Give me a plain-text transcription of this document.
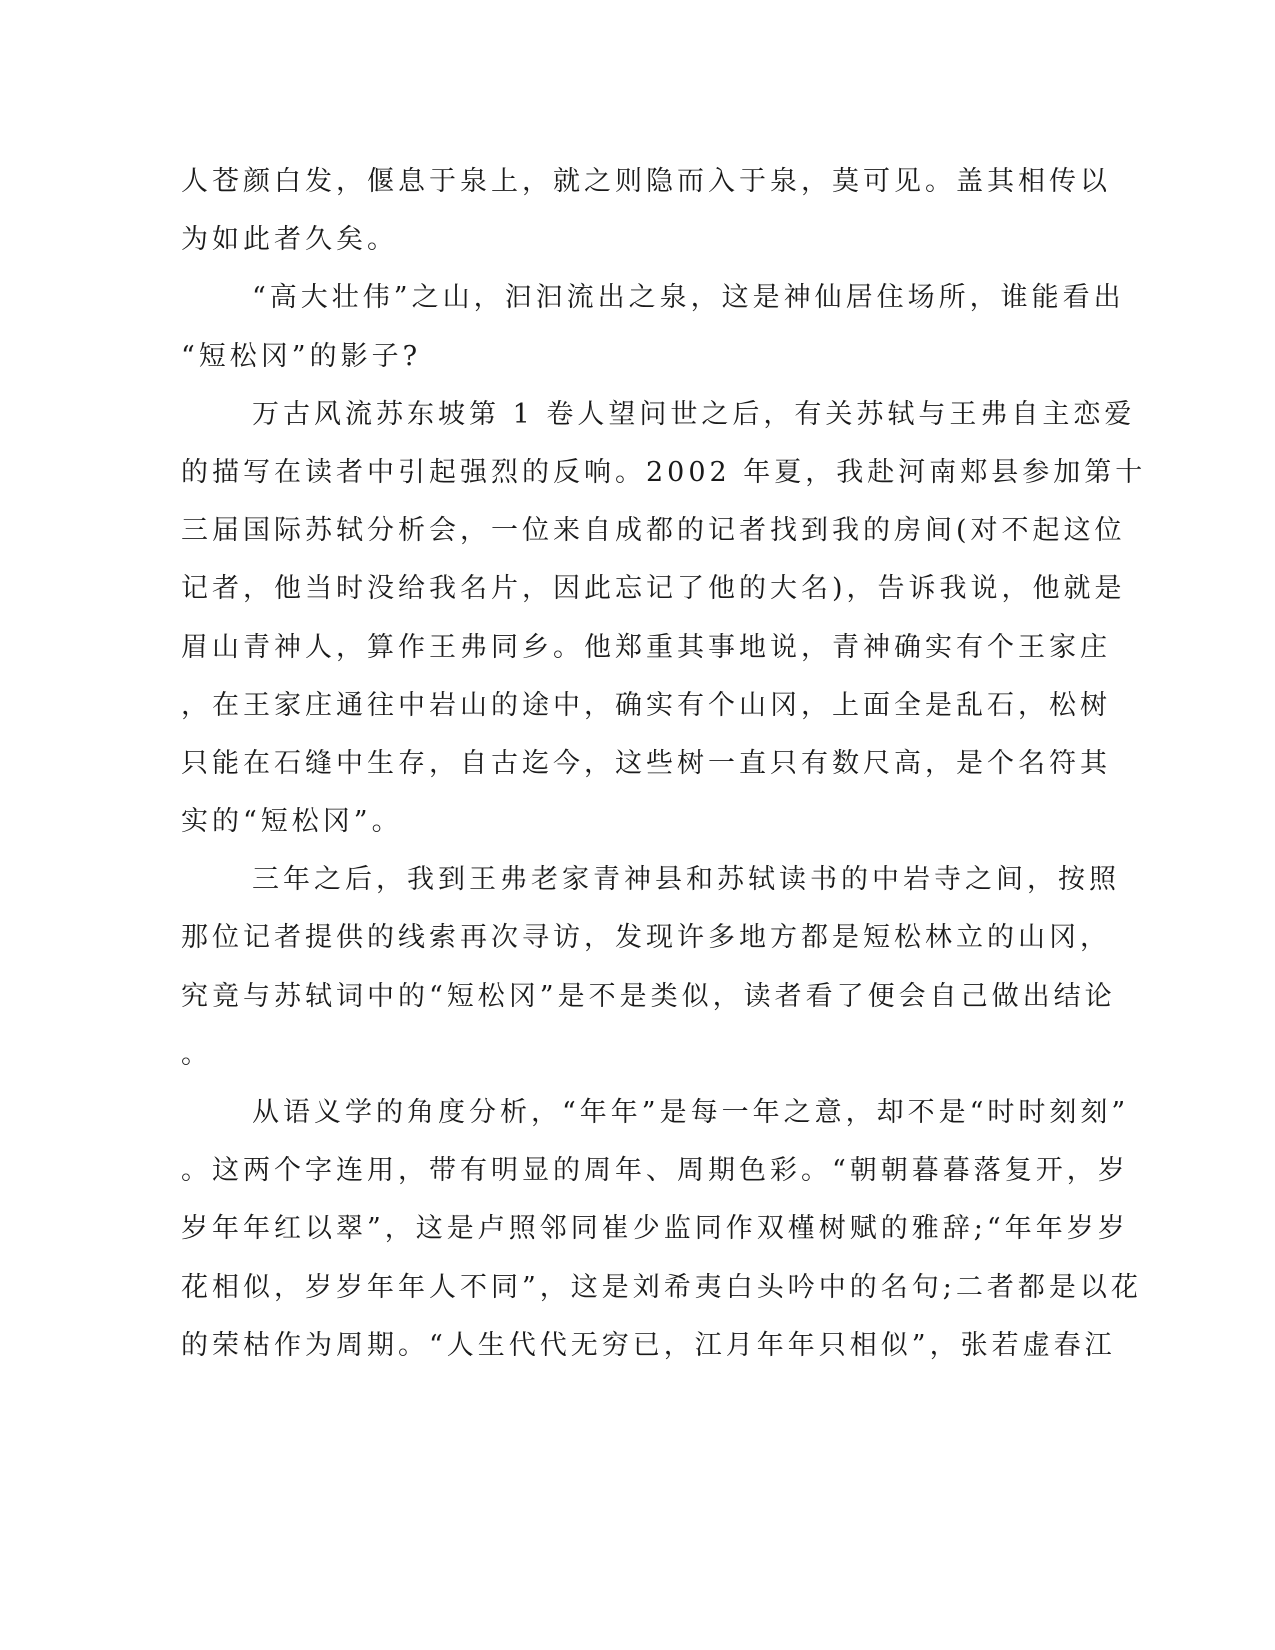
人苍颜白发，偃息于泉上，就之则隐而入于泉，莫可见。盖其相传以
为如此者久矣。
“高大壮伟”之山，汩汩流出之泉，这是神仙居住场所，谁能看出
“短松冈”的影子?
万古风流苏东坡第 1 卷人望问世之后，有关苏轼与王弗自主恋爱
的描写在读者中引起强烈的反响。2002 年夏，我赴河南郏县参加第十
三届国际苏轼分析会，一位来自成都的记者找到我的房间(对不起这位
记者，他当时没给我名片，因此忘记了他的大名)，告诉我说，他就是
眉山青神人，算作王弗同乡。他郑重其事地说，青神确实有个王家庄
，在王家庄通往中岩山的途中，确实有个山冈，上面全是乱石，松树
只能在石缝中生存，自古迄今，这些树一直只有数尺高，是个名符其
实的“短松冈”。
三年之后，我到王弗老家青神县和苏轼读书的中岩寺之间，按照
那位记者提供的线索再次寻访，发现许多地方都是短松林立的山冈，
究竟与苏轼词中的“短松冈”是不是类似，读者看了便会自己做出结论
。
从语义学的角度分析，“年年”是每一年之意，却不是“时时刻刻”
。这两个字连用，带有明显的周年、周期色彩。“朝朝暮暮落复开，岁
岁年年红以翠”，这是卢照邻同崔少监同作双槿树赋的雅辞;“年年岁岁
花相似，岁岁年年人不同”，这是刘希夷白头吟中的名句;二者都是以花
的荣枯作为周期。“人生代代无穷已，江月年年只相似”，张若虚春江
